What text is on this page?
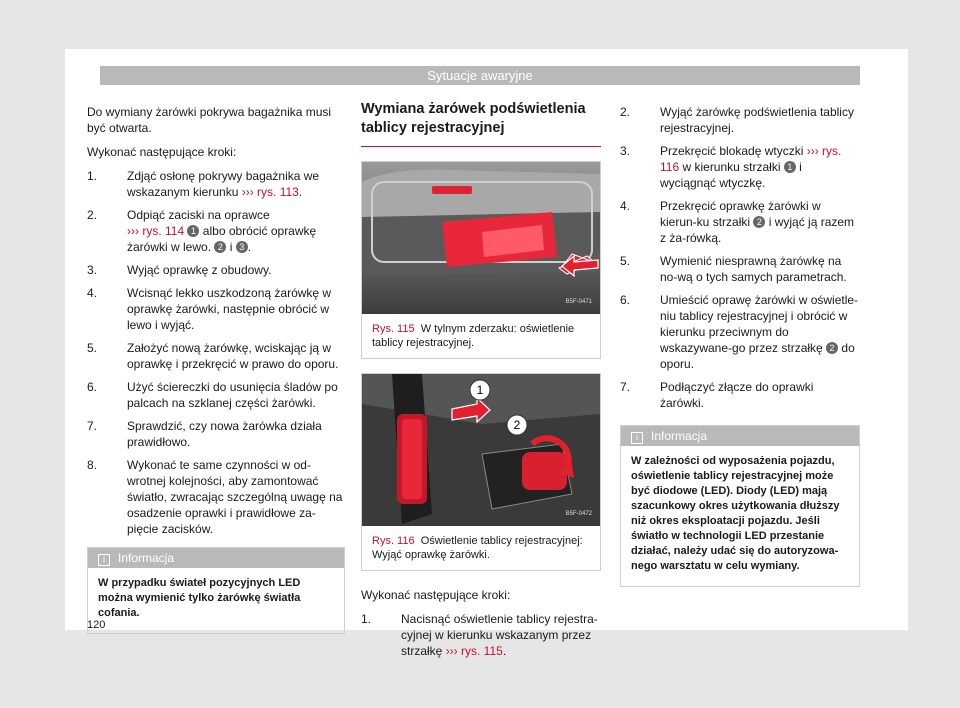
Sytuacje awaryjne

Do wymiany żarówki pokrywa bagażnika musi być otwarta.

Wykonać następujące kroki:

1. Zdjąć osłonę pokrywy bagażnika we wskazanym kierunku ››› rys. 113.
2. Odpiąć zaciski na oprawce
››› rys. 114 1 albo obrócić oprawkę żarówki w lewo. 2 i 3 .
3. Wyjąć oprawkę z obudowy.
4. Wcisnąć lekko uszkodzoną żarówkę w oprawkę żarówki, następnie obrócić w lewo i wyjąć.
5. Założyć nową żarówkę, wciskając ją w oprawkę i przekręcić w prawo do oporu.
6. Użyć ściereczki do usunięcia śladów po palcach na szklanej części żarówki.
7. Sprawdzić, czy nowa żarówka działa prawidłowo.
8. Wykonać te same czynności w od-wrotnej kolejności, aby zamontować światło, zwracając szczególną uwagę na osadzenie oprawki i prawidłowe za-pięcie zacisków.
i Informacja
W przypadku świateł pozycyjnych LED można wymienić tylko żarówkę światła cofania.
Wymiana żarówek podświetlenia tablicy rejestracyjnej
B5F-0471
Rys. 115 W tylnym zderzaku: oświetlenie tablicy rejestracyjnej.
1
2
B5F-0472
Rys. 116 Oświetlenie tablicy rejestracyjnej: Wyjąć oprawkę żarówki.

Wykonać następujące kroki:

1. Nacisnąć oświetlenie tablicy rejestra-cyjnej w kierunku wskazanym przez strzałkę ››› rys. 115.
2. Wyjąć żarówkę podświetlenia tablicy rejestracyjnej.
3. Przekręcić blokadę wtyczki ››› rys. 116 w kierunku strzałki 1 i wyciągnąć wtyczkę.
4. Przekręcić oprawkę żarówki w kierun-ku strzałki 2 i wyjąć ją razem z ża-rówką.
5. Wymienić niesprawną żarówkę na no-wą o tych samych parametrach.
6. Umieścić oprawę żarówki w oświetle-niu tablicy rejestracyjnej i obrócić w kierunku przeciwnym do wskazywane-go przez strzałkę 2 do oporu.
7. Podłączyć złącze do oprawki żarówki.
i Informacja
W zależności od wyposażenia pojazdu, oświetlenie tablicy rejestracyjnej może być diodowe (LED). Diody (LED) mają szacunkowy okres użytkowania dłuższy niż okres eksploatacji pojazdu. Jeśli światło w technologii LED przestanie działać, należy udać się do autoryzowa-nego warsztatu w celu wymiany.
120
